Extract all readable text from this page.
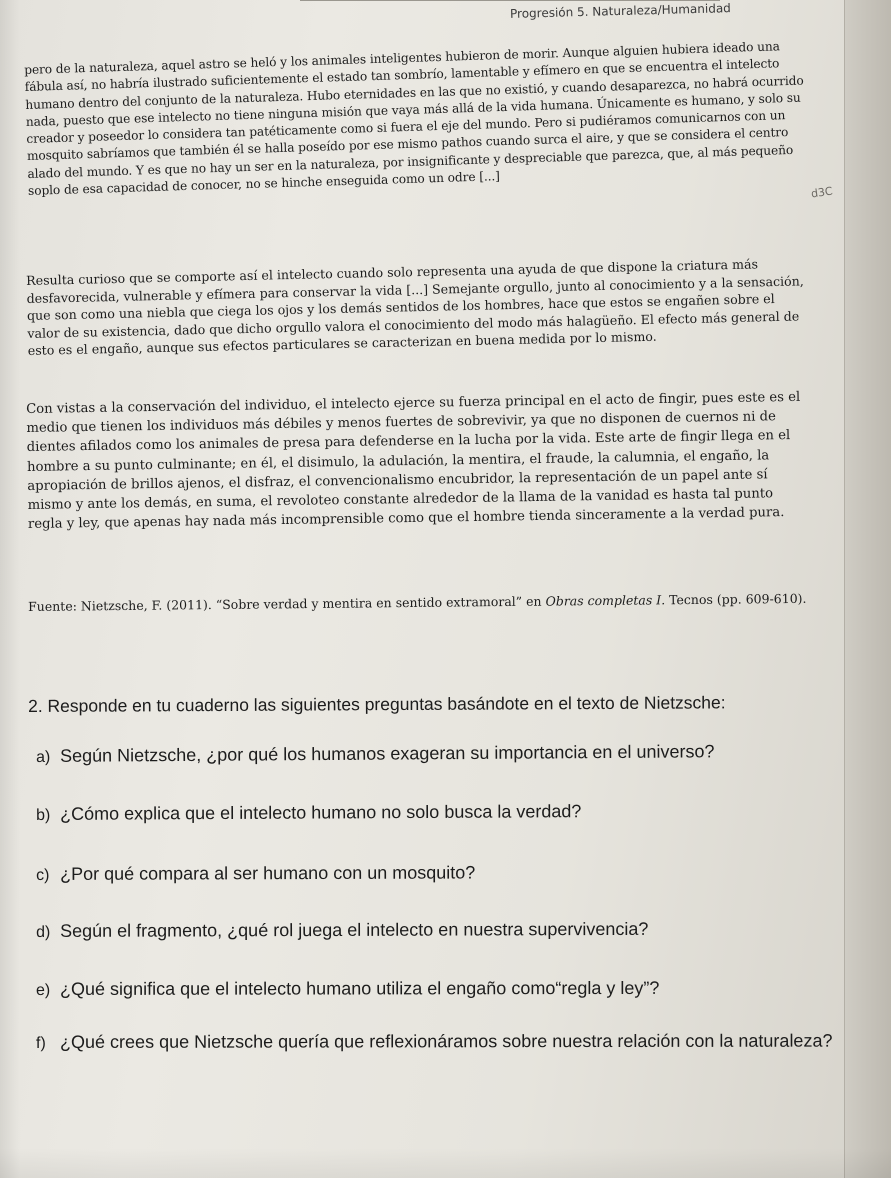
Progresión 5. Naturaleza/Humanidad

pero de la naturaleza, aquel astro se heló y los animales inteligentes hubieron de morir. Aunque alguien hubiera ideado una fábula así, no habría ilustrado suficientemente el estado tan sombrío, lamentable y efímero en que se encuentra el intelecto humano dentro del conjunto de la naturaleza. Hubo eternidades en las que no existió, y cuando desaparezca, no habrá ocurrido nada, puesto que ese intelecto no tiene ninguna misión que vaya más allá de la vida humana. Únicamente es humano, y solo su creador y poseedor lo considera tan patéticamente como si fuera el eje del mundo. Pero si pudiéramos comunicarnos con un mosquito sabríamos que también él se halla poseído por ese mismo pathos cuando surca el aire, y que se considera el centro alado del mundo. Y es que no hay un ser en la naturaleza, por insignificante y despreciable que parezca, que, al más pequeño soplo de esa capacidad de conocer, no se hinche enseguida como un odre [...]

Resulta curioso que se comporte así el intelecto cuando solo representa una ayuda de que dispone la criatura más desfavorecida, vulnerable y efímera para conservar la vida [...] Semejante orgullo, junto al conocimiento y a la sensación, que son como una niebla que ciega los ojos y los demás sentidos de los hombres, hace que estos se engañen sobre el valor de su existencia, dado que dicho orgullo valora el conocimiento del modo más halagüeño. El efecto más general de esto es el engaño, aunque sus efectos particulares se caracterizan en buena medida por lo mismo.

Con vistas a la conservación del individuo, el intelecto ejerce su fuerza principal en el acto de fingir, pues este es el medio que tienen los individuos más débiles y menos fuertes de sobrevivir, ya que no disponen de cuernos ni de dientes afilados como los animales de presa para defenderse en la lucha por la vida. Este arte de fingir llega en el hombre a su punto culminante; en él, el disimulo, la adulación, la mentira, el fraude, la calumnia, el engaño, la apropiación de brillos ajenos, el disfraz, el convencionalismo encubridor, la representación de un papel ante sí mismo y ante los demás, en suma, el revoloteo constante alrededor de la llama de la vanidad es hasta tal punto regla y ley, que apenas hay nada más incomprensible como que el hombre tienda sinceramente a la verdad pura.

Fuente: Nietzsche, F. (2011). “Sobre verdad y mentira en sentido extramoral” en Obras completas I. Tecnos (pp. 609-610).
2. Responde en tu cuaderno las siguientes preguntas basándote en el texto de Nietzsche:
a) Según Nietzsche, ¿por qué los humanos exageran su importancia en el universo?
b) ¿Cómo explica que el intelecto humano no solo busca la verdad?
c) ¿Por qué compara al ser humano con un mosquito?
d) Según el fragmento, ¿qué rol juega el intelecto en nuestra supervivencia?
e) ¿Qué significa que el intelecto humano utiliza el engaño como“regla y ley”?
f) ¿Qué crees que Nietzsche quería que reflexionáramos sobre nuestra relación con la naturaleza?
d3C
